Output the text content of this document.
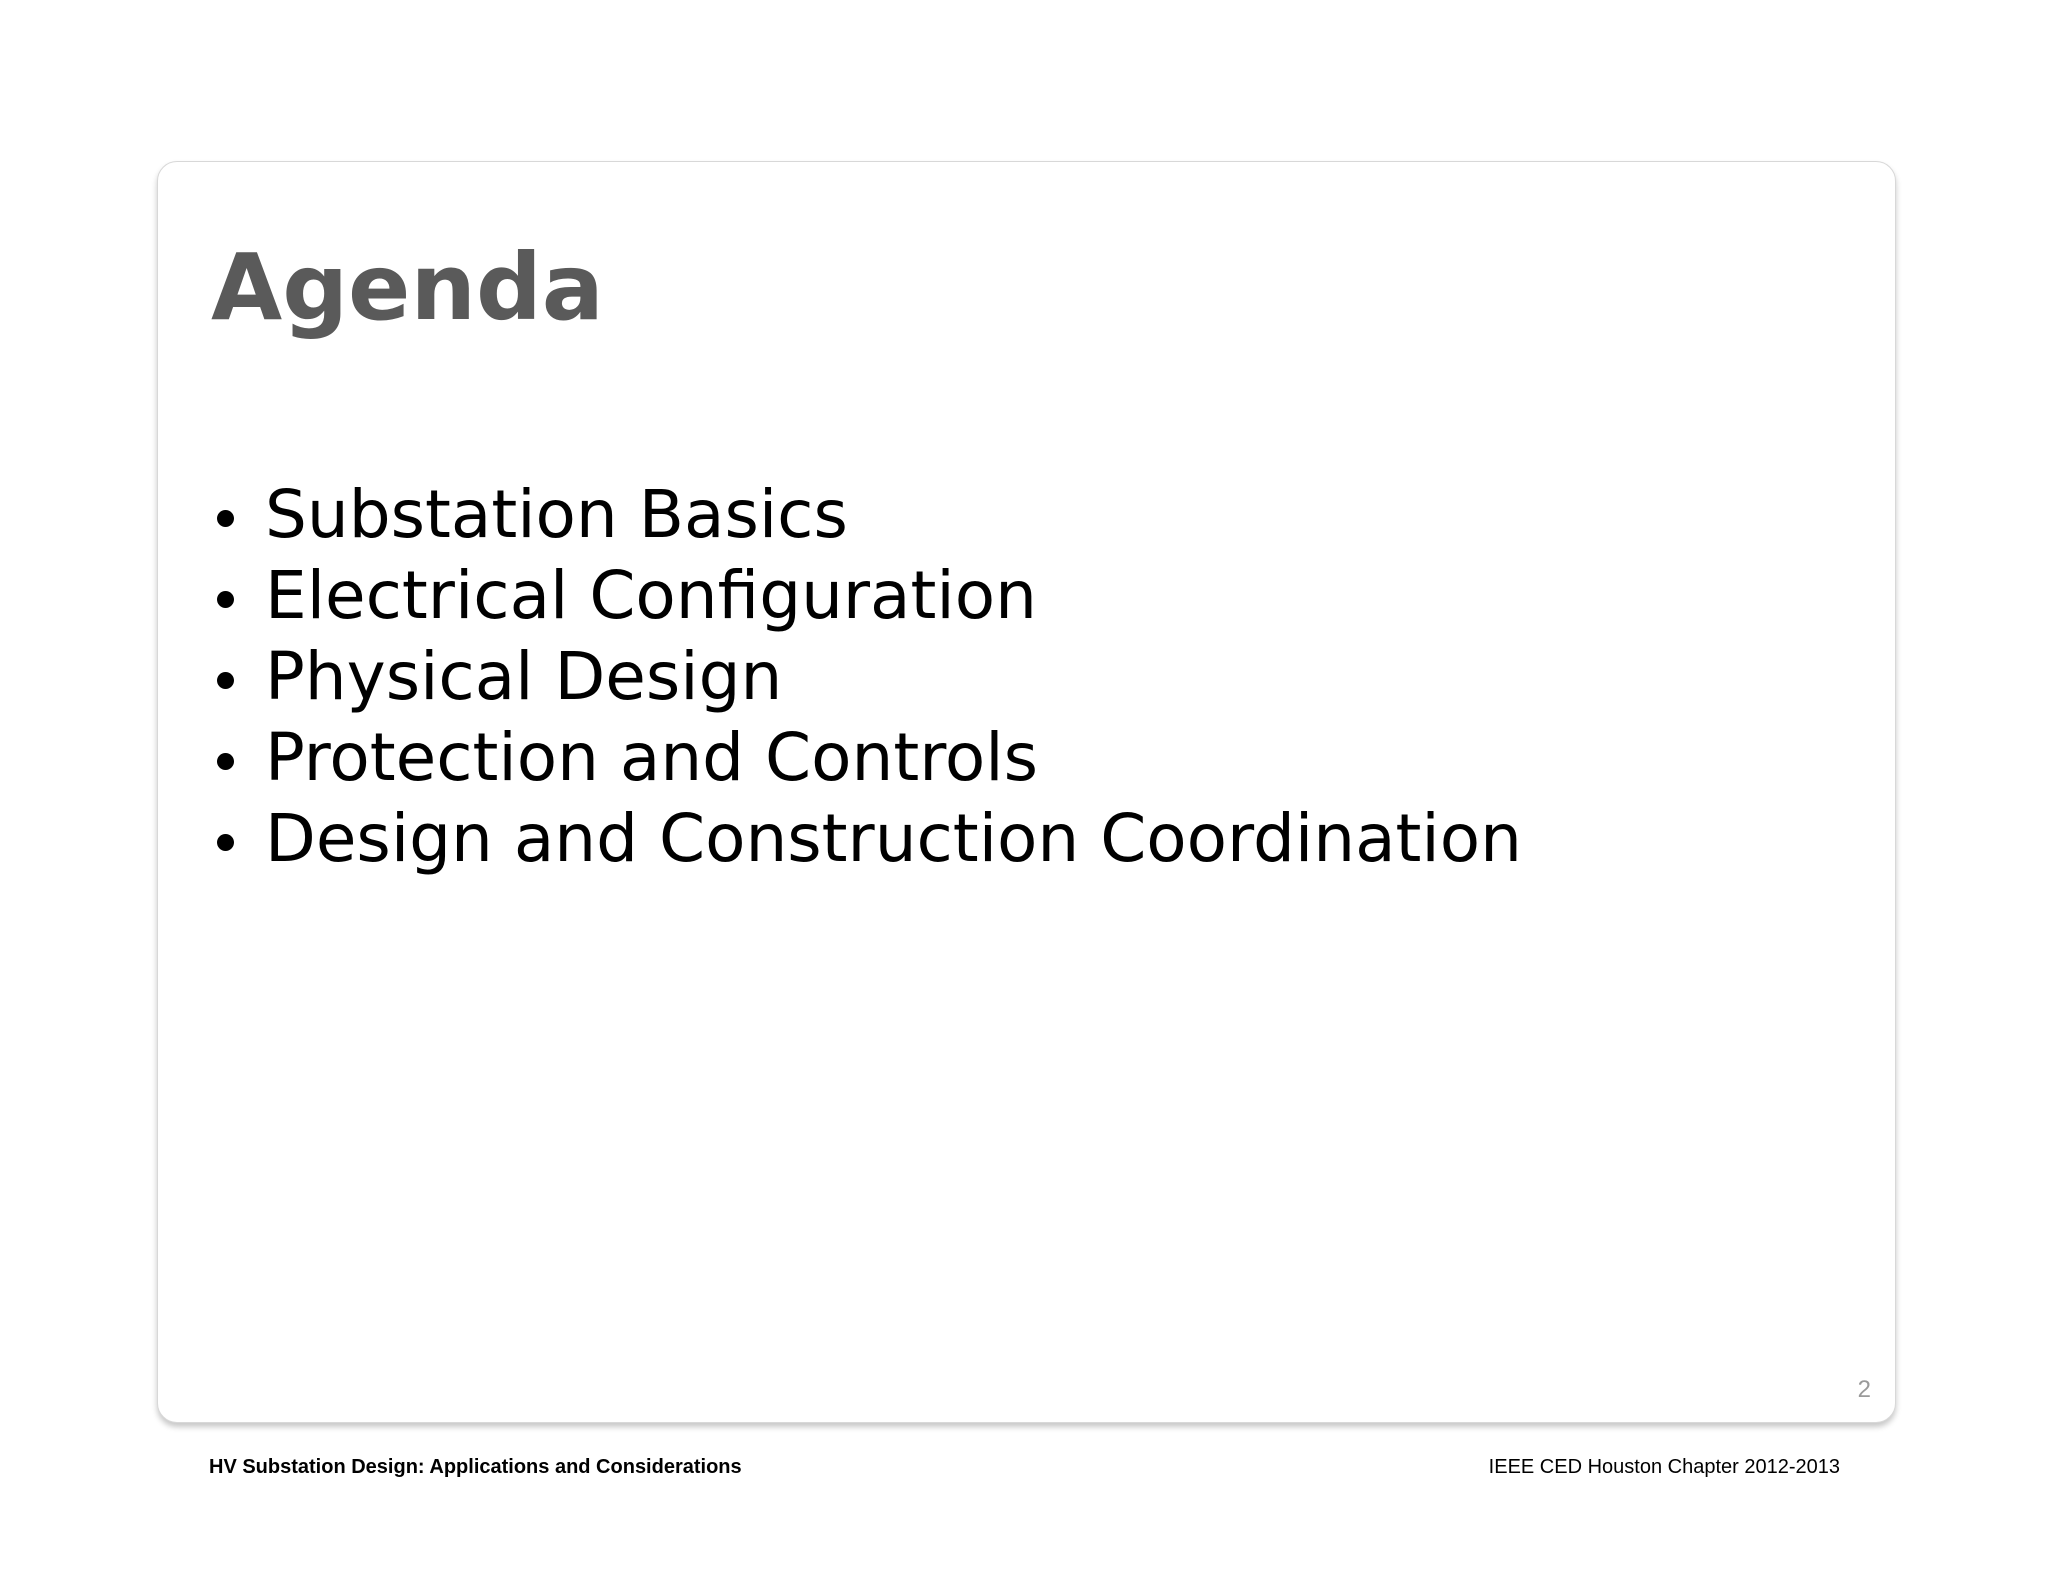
Agenda
Substation Basics
Electrical Configuration
Physical Design
Protection and Controls
Design and Construction Coordination
2
HV Substation Design: Applications and Considerations	IEEE CED Houston Chapter 2012-2013
